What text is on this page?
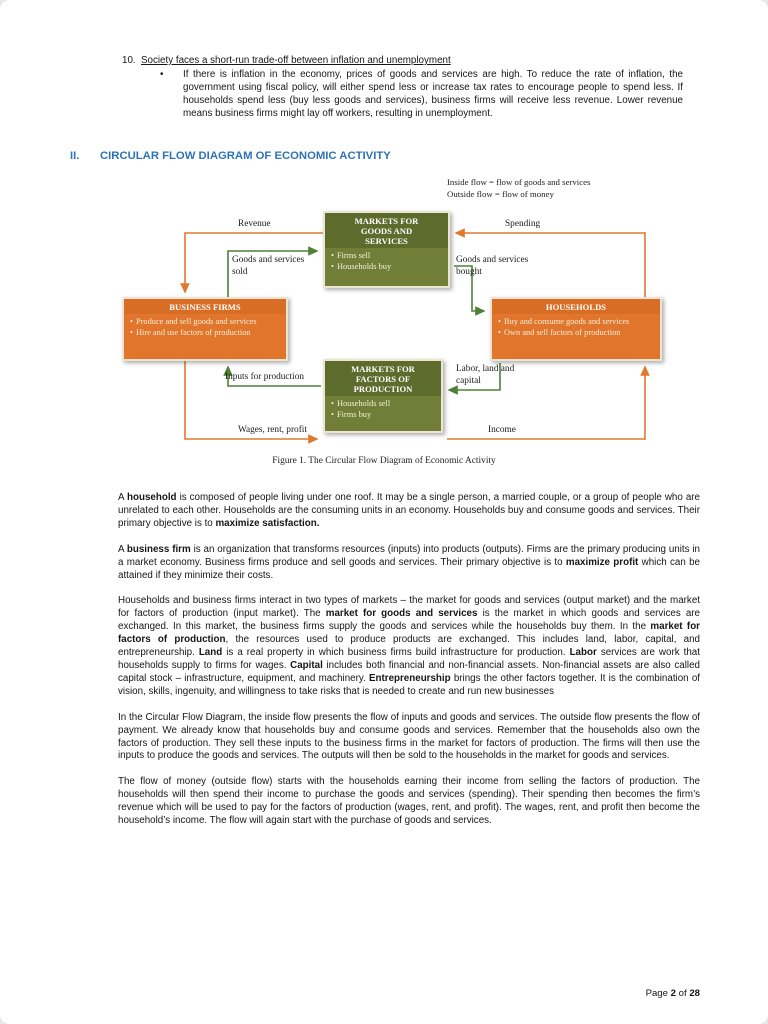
10. Society faces a short-run trade-off between inflation and unemployment
•	If there is inflation in the economy, prices of goods and services are high. To reduce the rate of inflation, the government using fiscal policy, will either spend less or increase tax rates to encourage people to spend less. If households spend less (buy less goods and services), business firms will receive less revenue. Lower revenue means business firms might lay off workers, resulting in unemployment.
II.	CIRCULAR FLOW DIAGRAM OF ECONOMIC ACTIVITY
Inside flow = flow of goods and services
Outside flow = flow of money
MARKETS FOR GOODS AND SERVICES
• Firms sell
• Households buy
BUSINESS FIRMS
• Produce and sell goods and services
• Hire and use factors of production
HOUSEHOLDS
• Buy and consume goods and services
• Own and sell factors of production
MARKETS FOR FACTORS OF PRODUCTION
• Households sell
• Firms buy
Revenue	Spending
Goods and services sold
Goods and services bought
Inputs for production
Labor, land and capital
Wages, rent, profit	Income
Figure 1. The Circular Flow Diagram of Economic Activity

A household is composed of people living under one roof. It may be a single person, a married couple, or a group of people who are unrelated to each other. Households are the consuming units in an economy. Households buy and consume goods and services. Their primary objective is to maximize satisfaction.

A business firm is an organization that transforms resources (inputs) into products (outputs). Firms are the primary producing units in a market economy. Business firms produce and sell goods and services. Their primary objective is to maximize profit which can be attained if they minimize their costs.

Households and business firms interact in two types of markets – the market for goods and services (output market) and the market for factors of production (input market). The market for goods and services is the market in which goods and services are exchanged. In this market, the business firms supply the goods and services while the households buy them. In the market for factors of production, the resources used to produce products are exchanged. This includes land, labor, capital, and entrepreneurship. Land is a real property in which business firms build infrastructure for production. Labor services are work that households supply to firms for wages. Capital includes both financial and non-financial assets. Non-financial assets are also called capital stock – infrastructure, equipment, and machinery. Entrepreneurship brings the other factors together. It is the combination of vision, skills, ingenuity, and willingness to take risks that is needed to create and run new businesses

In the Circular Flow Diagram, the inside flow presents the flow of inputs and goods and services. The outside flow presents the flow of payment. We already know that households buy and consume goods and services. Remember that the households also own the factors of production. They sell these inputs to the business firms in the market for factors of production. The firms will then use the inputs to produce the goods and services. The outputs will then be sold to the households in the market for goods and services.

The flow of money (outside flow) starts with the households earning their income from selling the factors of production. The households will then spend their income to purchase the goods and services (spending). Their spending then becomes the firm’s revenue which will be used to pay for the factors of production (wages, rent, and profit). The wages, rent, and profit then become the household’s income. The flow will again start with the purchase of goods and services.

Page 2 of 28
